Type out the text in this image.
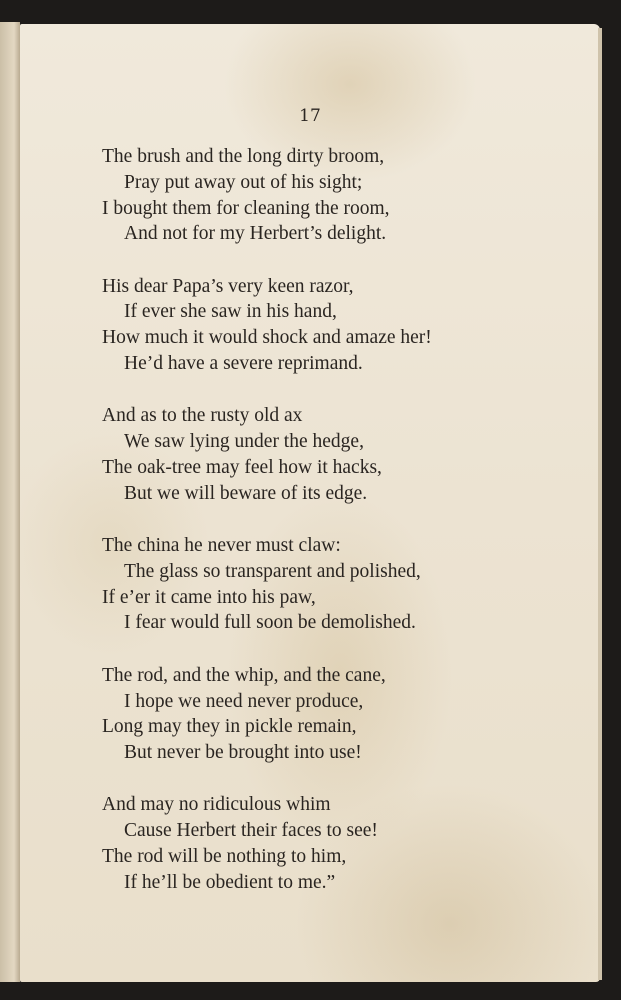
17
The brush and the long dirty broom,
Pray put away out of his sight;
I bought them for cleaning the room,
And not for my Herbert’s delight.
His dear Papa’s very keen razor,
If ever she saw in his hand,
How much it would shock and amaze her!
He’d have a severe reprimand.
And as to the rusty old ax
We saw lying under the hedge,
The oak-tree may feel how it hacks,
But we will beware of its edge.
The china he never must claw:
The glass so transparent and polished,
If e’er it came into his paw,
I fear would full soon be demolished.
The rod, and the whip, and the cane,
I hope we need never produce,
Long may they in pickle remain,
But never be brought into use!
And may no ridiculous whim
Cause Herbert their faces to see!
The rod will be nothing to him,
If he’ll be obedient to me.”
